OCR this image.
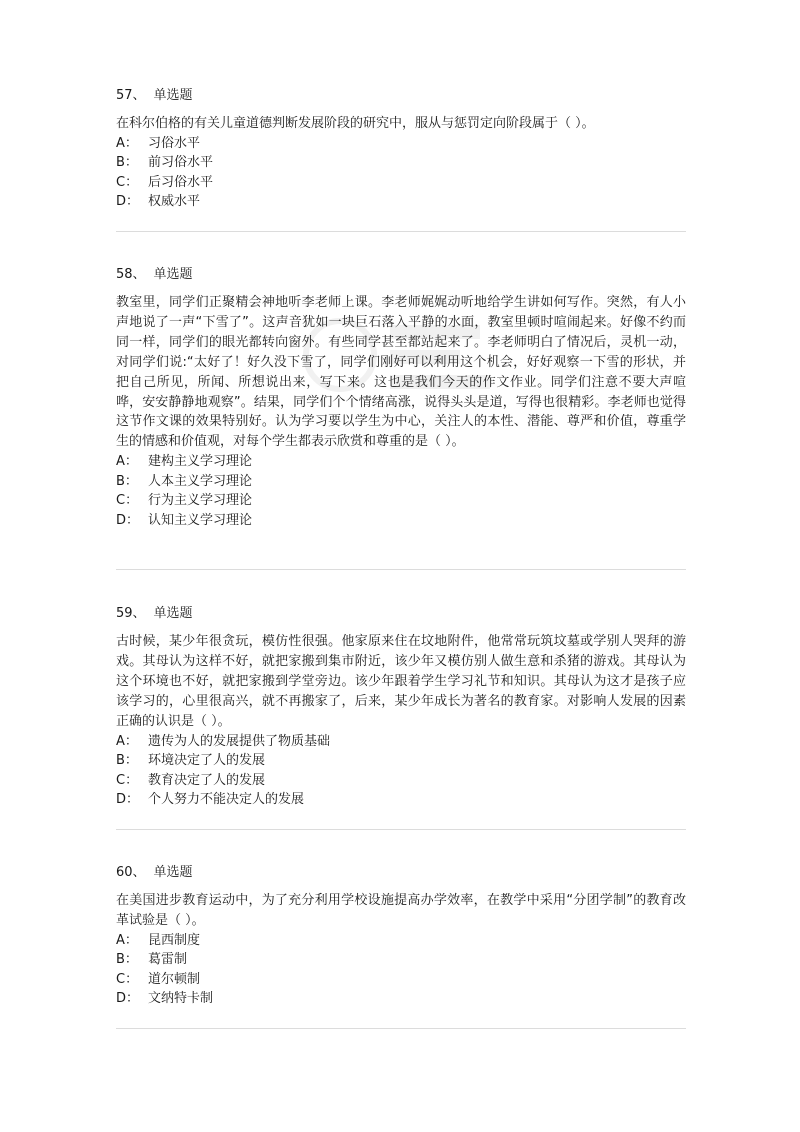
57、 单选题
在科尔伯格的有关儿童道德判断发展阶段的研究中，服从与惩罚定向阶段属于（ ）。
A： 习俗水平
B： 前习俗水平
C： 后习俗水平
D： 权威水平
58、 单选题
教室里，同学们正聚精会神地听李老师上课。李老师娓娓动听地给学生讲如何写作。突然，有人小声地说了一声“下雪了”。这声音犹如一块巨石落入平静的水面，教室里顿时喧闹起来。好像不约而同一样，同学们的眼光都转向窗外。有些同学甚至都站起来了。李老师明白了情况后，灵机一动，对同学们说:“太好了！好久没下雪了，同学们刚好可以利用这个机会，好好观察一下雪的形状，并把自己所见，所闻、所想说出来，写下来。这也是我们今天的作文作业。同学们注意不要大声喧哗，安安静静地观察”。结果，同学们个个情绪高涨，说得头头是道，写得也很精彩。李老师也觉得这节作文课的效果特别好。认为学习要以学生为中心，关注人的本性、潜能、尊严和价值，尊重学生的情感和价值观，对每个学生都表示欣赏和尊重的是（ ）。
A： 建构主义学习理论
B： 人本主义学习理论
C： 行为主义学习理论
D： 认知主义学习理论
59、 单选题
古时候，某少年很贪玩，模仿性很强。他家原来住在坟地附件，他常常玩筑坟墓或学别人哭拜的游戏。其母认为这样不好，就把家搬到集市附近，该少年又模仿别人做生意和杀猪的游戏。其母认为这个环境也不好，就把家搬到学堂旁边。该少年跟着学生学习礼节和知识。其母认为这才是孩子应该学习的，心里很高兴，就不再搬家了，后来，某少年成长为著名的教育家。对影响人发展的因素正确的认识是（ ）。
A： 遗传为人的发展提供了物质基础
B： 环境决定了人的发展
C： 教育决定了人的发展
D： 个人努力不能决定人的发展
60、 单选题
在美国进步教育运动中，为了充分利用学校设施提高办学效率，在教学中采用“分团学制”的教育改革试验是（ ）。
A： 昆西制度
B： 葛雷制
C： 道尔顿制
D： 文纳特卡制
